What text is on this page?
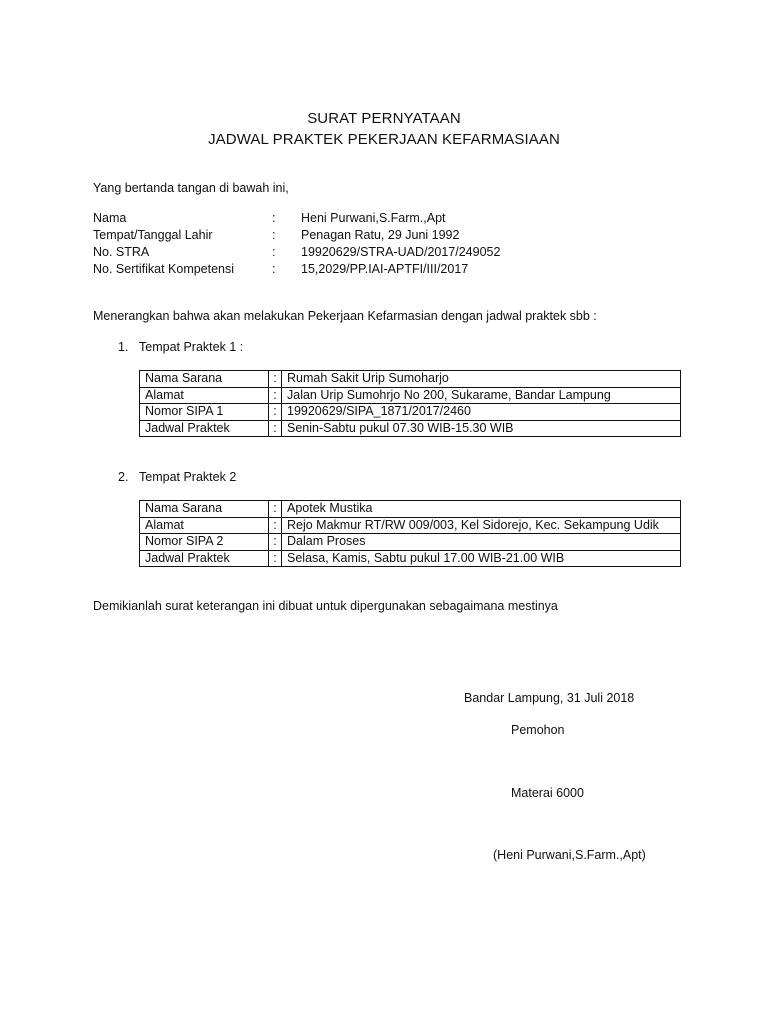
SURAT PERNYATAAN
JADWAL PRAKTEK PEKERJAAN KEFARMASIAAN
Yang bertanda tangan di bawah ini,
Nama	: Heni Purwani,S.Farm.,Apt
Tempat/Tanggal Lahir	: Penagan Ratu, 29 Juni 1992
No. STRA	: 19920629/STRA-UAD/2017/249052
No. Sertifikat Kompetensi	: 15,2029/PP.IAI-APTFI/III/2017
Menerangkan bahwa akan melakukan Pekerjaan Kefarmasian dengan jadwal praktek sbb :
1. Tempat Praktek 1 :
Nama Sarana	:	Rumah Sakit Urip Sumoharjo
Alamat	:	Jalan Urip Sumohrjo No 200, Sukarame, Bandar Lampung
Nomor SIPA 1	:	19920629/SIPA_1871/2017/2460
Jadwal Praktek	:	Senin-Sabtu pukul 07.30 WIB-15.30 WIB
2. Tempat Praktek 2
Nama Sarana	:	Apotek Mustika
Alamat	:	Rejo Makmur RT/RW 009/003, Kel Sidorejo, Kec. Sekampung Udik
Nomor SIPA 2	:	Dalam Proses
Jadwal Praktek	:	Selasa, Kamis, Sabtu pukul 17.00 WIB-21.00 WIB
Demikianlah surat keterangan ini dibuat untuk dipergunakan sebagaimana mestinya
Bandar Lampung, 31 Juli 2018
Pemohon
Materai 6000
(Heni Purwani,S.Farm.,Apt)
